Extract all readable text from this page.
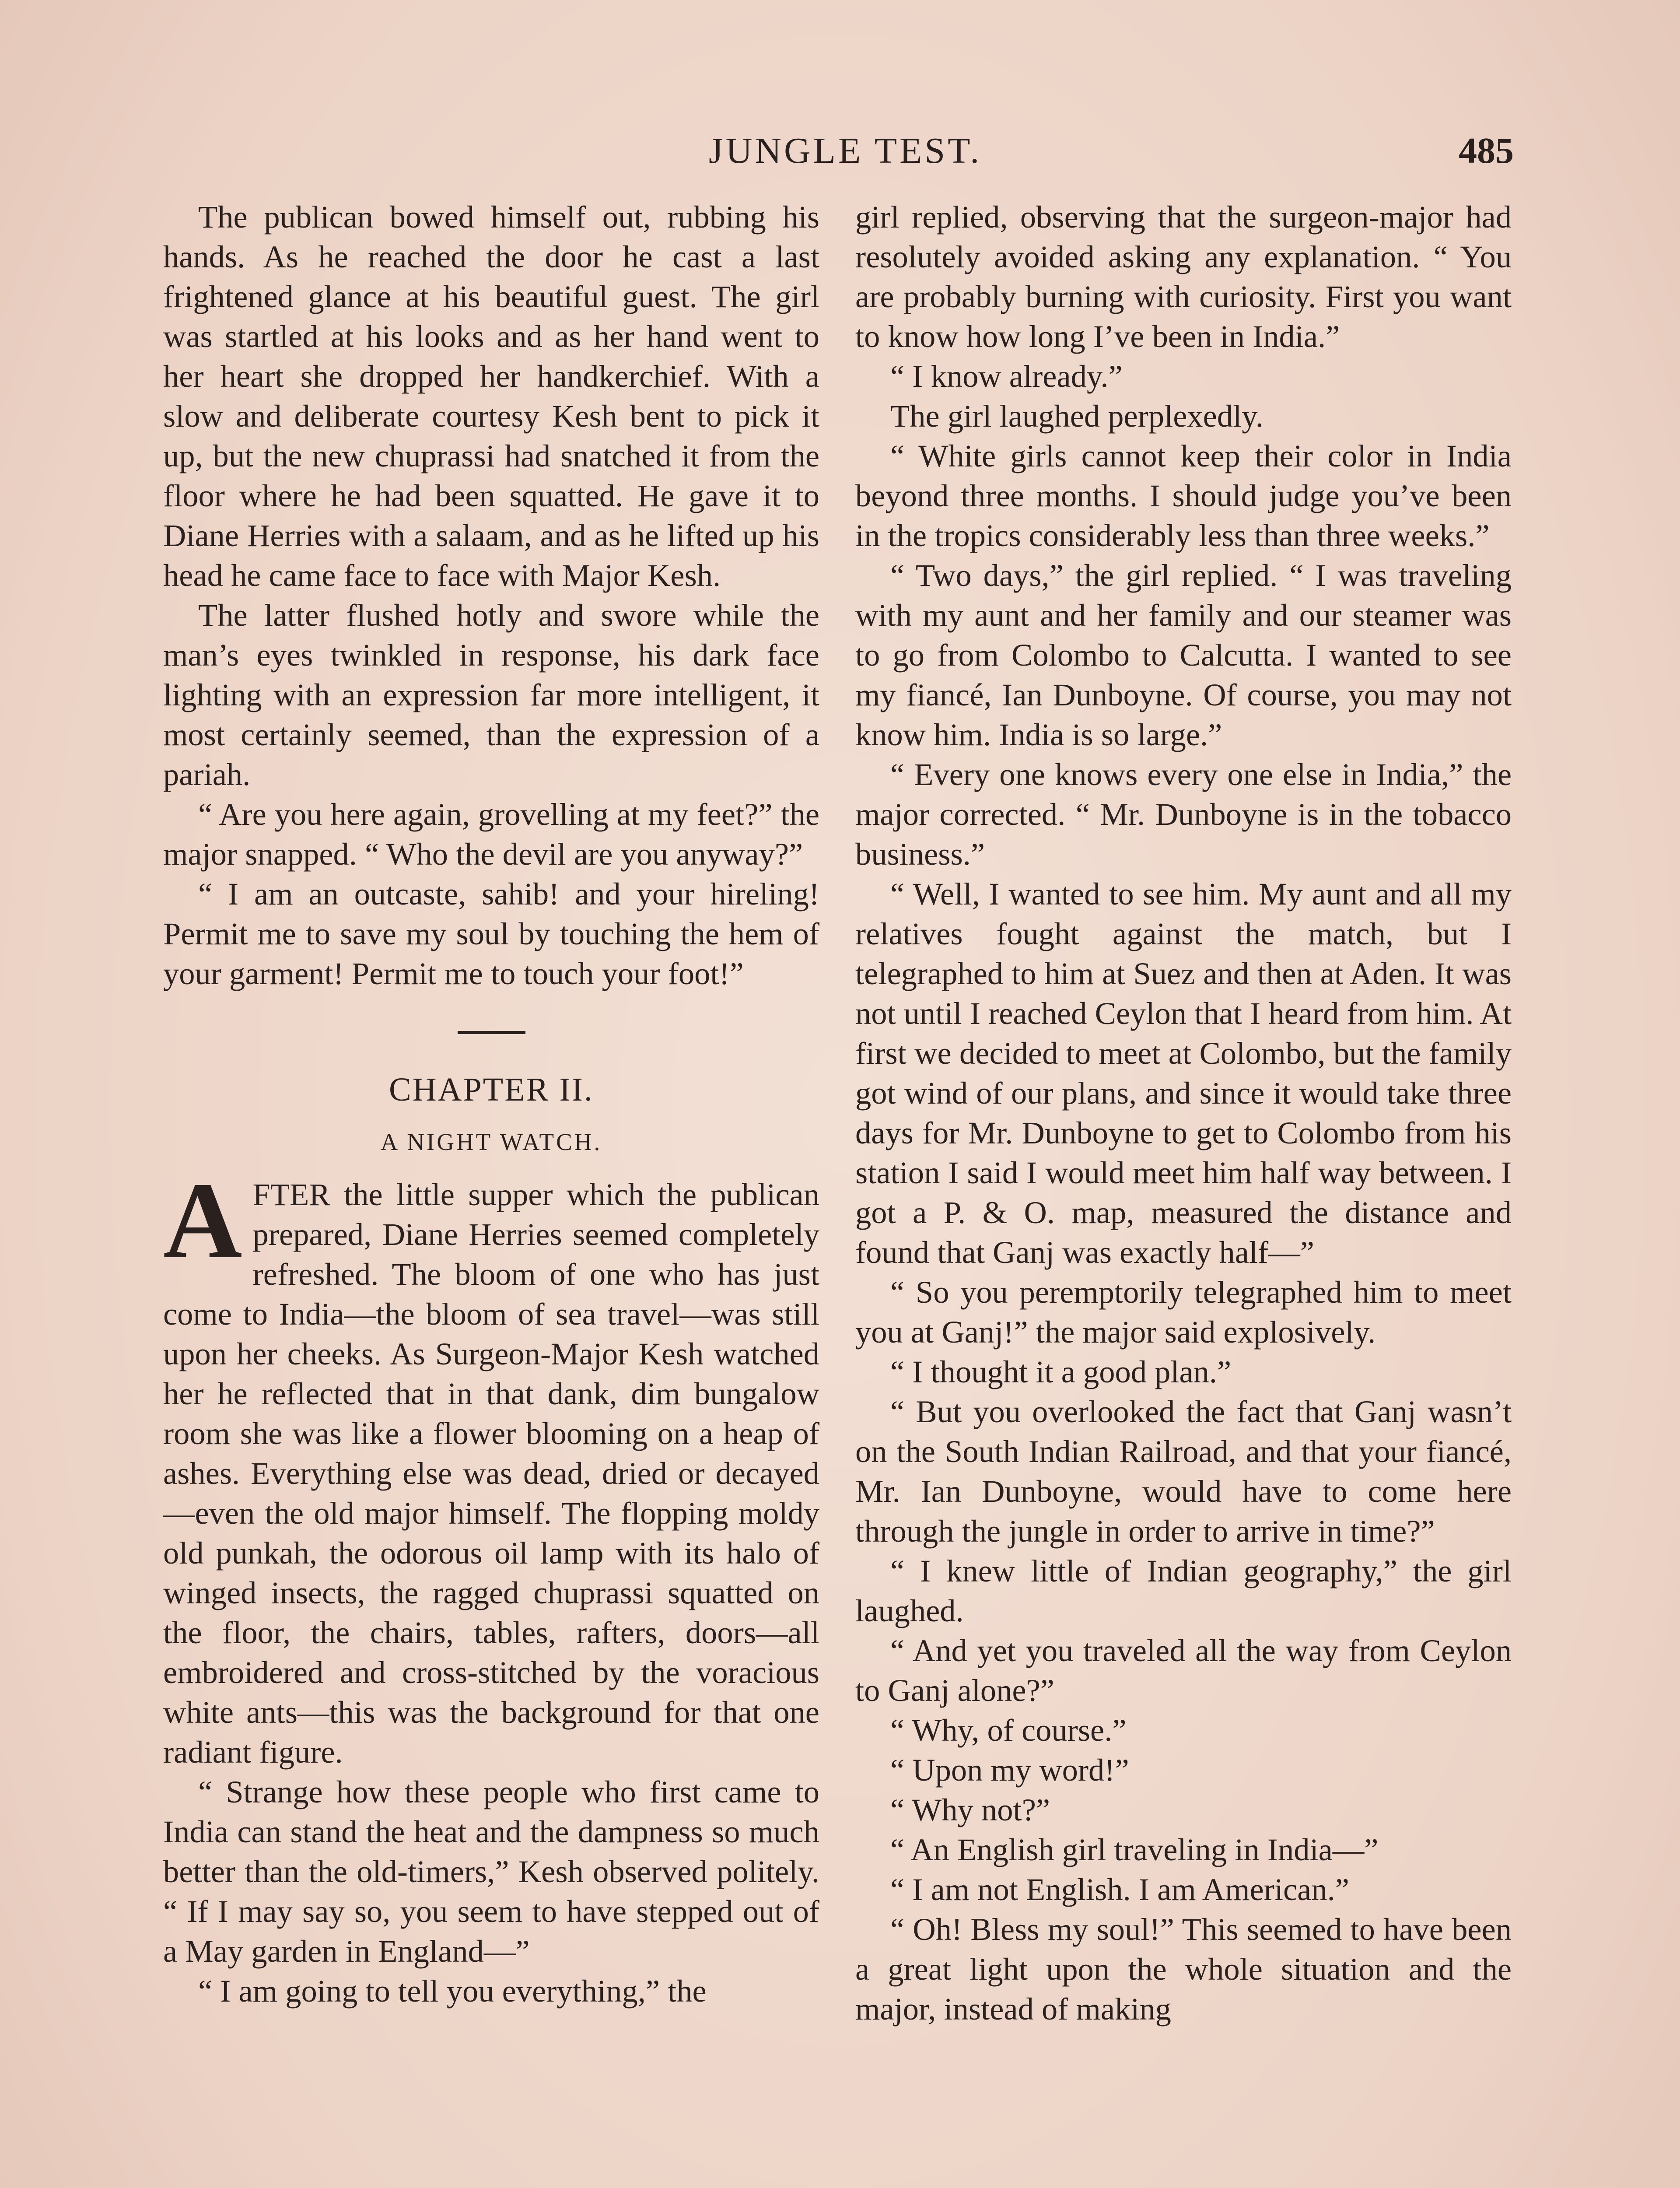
JUNGLE TEST.	485

The publican bowed himself out, rubbing his hands. As he reached the door he cast a last frightened glance at his beautiful guest. The girl was startled at his looks and as her hand went to her heart she dropped her handkerchief. With a slow and deliberate courtesy Kesh bent to pick it up, but the new chuprassi had snatched it from the floor where he had been squatted. He gave it to Diane Herries with a salaam, and as he lifted up his head he came face to face with Major Kesh.

The latter flushed hotly and swore while the man’s eyes twinkled in response, his dark face lighting with an expression far more intelligent, it most certainly seemed, than the expression of a pariah.

“ Are you here again, grovelling at my feet?” the major snapped. “ Who the devil are you anyway?”

“ I am an outcaste, sahib! and your hireling! Permit me to save my soul by touching the hem of your garment! Permit me to touch your foot!”

CHAPTER II.
A NIGHT WATCH.

AFTER the little supper which the publican prepared, Diane Herries seemed completely refreshed. The bloom of one who has just come to India—the bloom of sea travel—was still upon her cheeks. As Surgeon-Major Kesh watched her he reflected that in that dank, dim bungalow room she was like a flower blooming on a heap of ashes. Everything else was dead, dried or decayed—even the old major himself. The flopping moldy old punkah, the odorous oil lamp with its halo of winged insects, the ragged chuprassi squatted on the floor, the chairs, tables, rafters, doors—all embroidered and cross-stitched by the voracious white ants—this was the background for that one radiant figure.

“ Strange how these people who first came to India can stand the heat and the dampness so much better than the old-timers,” Kesh observed politely. “ If I may say so, you seem to have stepped out of a May garden in England—”

“ I am going to tell you everything,” the

girl replied, observing that the surgeon-major had resolutely avoided asking any explanation. “ You are probably burning with curiosity. First you want to know how long I’ve been in India.”

“ I know already.”

The girl laughed perplexedly.

“ White girls cannot keep their color in India beyond three months. I should judge you’ve been in the tropics considerably less than three weeks.”

“ Two days,” the girl replied. “ I was traveling with my aunt and her family and our steamer was to go from Colombo to Calcutta. I wanted to see my fiancé, Ian Dunboyne. Of course, you may not know him. India is so large.”

“ Every one knows every one else in India,” the major corrected. “ Mr. Dunboyne is in the tobacco business.”

“ Well, I wanted to see him. My aunt and all my relatives fought against the match, but I telegraphed to him at Suez and then at Aden. It was not until I reached Ceylon that I heard from him. At first we decided to meet at Colombo, but the family got wind of our plans, and since it would take three days for Mr. Dunboyne to get to Colombo from his station I said I would meet him half way between. I got a P. & O. map, measured the distance and found that Ganj was exactly half—”

“ So you peremptorily telegraphed him to meet you at Ganj!” the major said explosively.

“ I thought it a good plan.”

“ But you overlooked the fact that Ganj wasn’t on the South Indian Railroad, and that your fiancé, Mr. Ian Dunboyne, would have to come here through the jungle in order to arrive in time?”

“ I knew little of Indian geography,” the girl laughed.

“ And yet you traveled all the way from Ceylon to Ganj alone?”

“ Why, of course.”

“ Upon my word!”

“ Why not?”

“ An English girl traveling in India—”

“ I am not English. I am American.”

“ Oh! Bless my soul!” This seemed to have been a great light upon the whole situation and the major, instead of making
